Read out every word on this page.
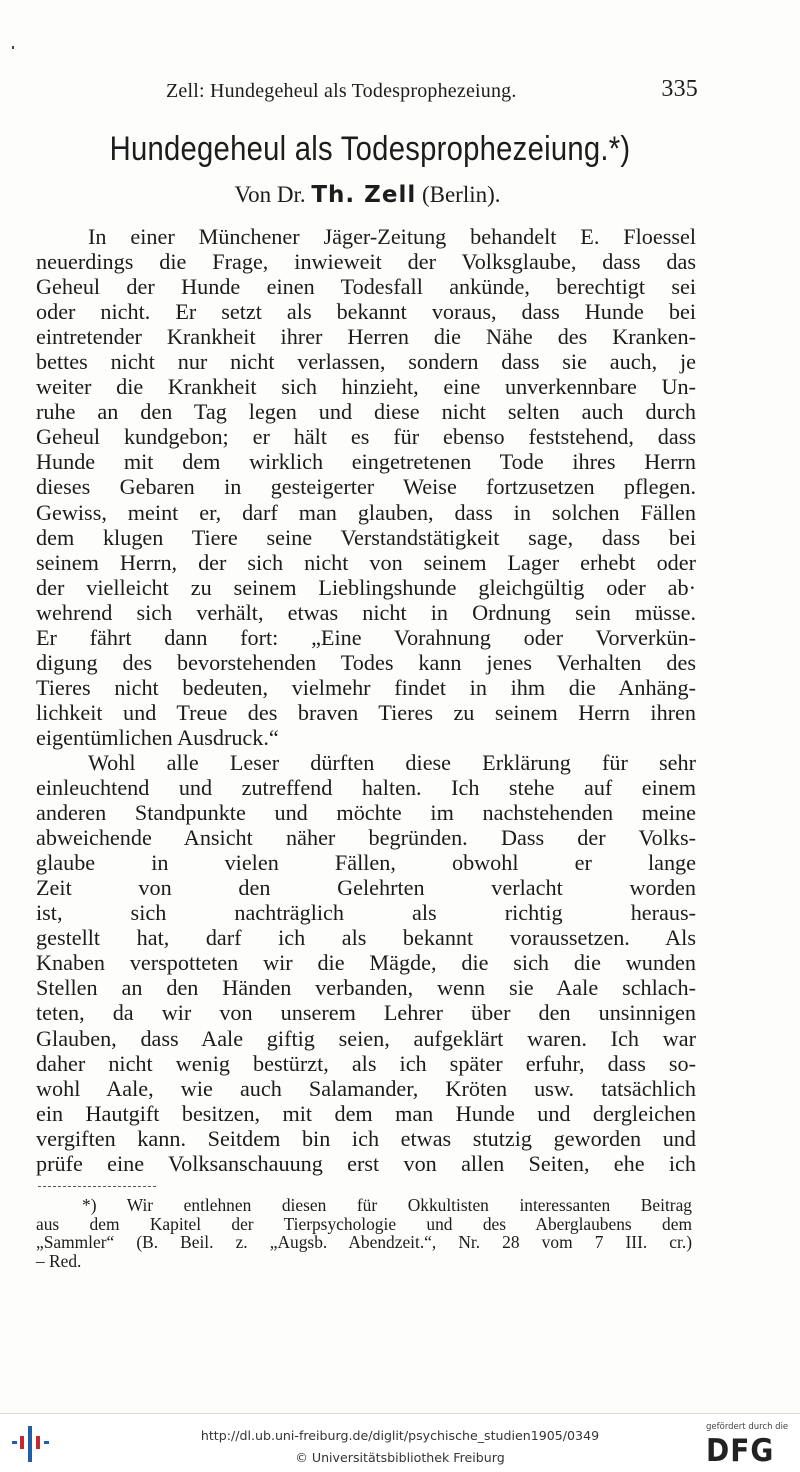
Zell: Hundegeheul als Todesprophezeiung.	335
Hundegeheul als Todesprophezeiung.*)
Von Dr. Th. Zell (Berlin).
In einer Münchener Jäger-Zeitung behandelt E. Floessel
neuerdings die Frage, inwieweit der Volksglaube, dass das
Geheul der Hunde einen Todesfall ankünde, berechtigt sei
oder nicht. Er setzt als bekannt voraus, dass Hunde bei
eintretender Krankheit ihrer Herren die Nähe des Kranken-
bettes nicht nur nicht verlassen, sondern dass sie auch, je
weiter die Krankheit sich hinzieht, eine unverkennbare Un-
ruhe an den Tag legen und diese nicht selten auch durch
Geheul kundgebon; er hält es für ebenso feststehend, dass
Hunde mit dem wirklich eingetretenen Tode ihres Herrn
dieses Gebaren in gesteigerter Weise fortzusetzen pflegen.
Gewiss, meint er, darf man glauben, dass in solchen Fällen
dem klugen Tiere seine Verstandstätigkeit sage, dass bei
seinem Herrn, der sich nicht von seinem Lager erhebt oder
der vielleicht zu seinem Lieblingshunde gleichgültig oder ab·
wehrend sich verhält, etwas nicht in Ordnung sein müsse.
Er fährt dann fort: „Eine Vorahnung oder Vorverkün-
digung des bevorstehenden Todes kann jenes Verhalten des
Tieres nicht bedeuten, vielmehr findet in ihm die Anhäng-
lichkeit und Treue des braven Tieres zu seinem Herrn ihren
eigentümlichen Ausdruck.“
Wohl alle Leser dürften diese Erklärung für sehr
einleuchtend und zutreffend halten. Ich stehe auf einem
anderen Standpunkte und möchte im nachstehenden meine
abweichende Ansicht näher begründen. Dass der Volks-
glaube in vielen Fällen, obwohl er lange
Zeit von den Gelehrten verlacht worden
ist, sich nachträglich als richtig heraus-
gestellt hat, darf ich als bekannt voraussetzen. Als
Knaben verspotteten wir die Mägde, die sich die wunden
Stellen an den Händen verbanden, wenn sie Aale schlach-
teten, da wir von unserem Lehrer über den unsinnigen
Glauben, dass Aale giftig seien, aufgeklärt waren. Ich war
daher nicht wenig bestürzt, als ich später erfuhr, dass so-
wohl Aale, wie auch Salamander, Kröten usw. tatsächlich
ein Hautgift besitzen, mit dem man Hunde und dergleichen
vergiften kann. Seitdem bin ich etwas stutzig geworden und
prüfe eine Volksanschauung erst von allen Seiten, ehe ich
*) Wir entlehnen diesen für Okkultisten interessanten Beitrag
aus dem Kapitel der Tierpsychologie und des Aberglaubens dem
„Sammler“ (B. Beil. z. „Augsb. Abendzeit.“, Nr. 28 vom 7 III. cr.)
– Red.
http://dl.ub.uni-freiburg.de/diglit/psychische_studien1905/0349
© Universitätsbibliothek Freiburg
gefördert durch die
DFG
